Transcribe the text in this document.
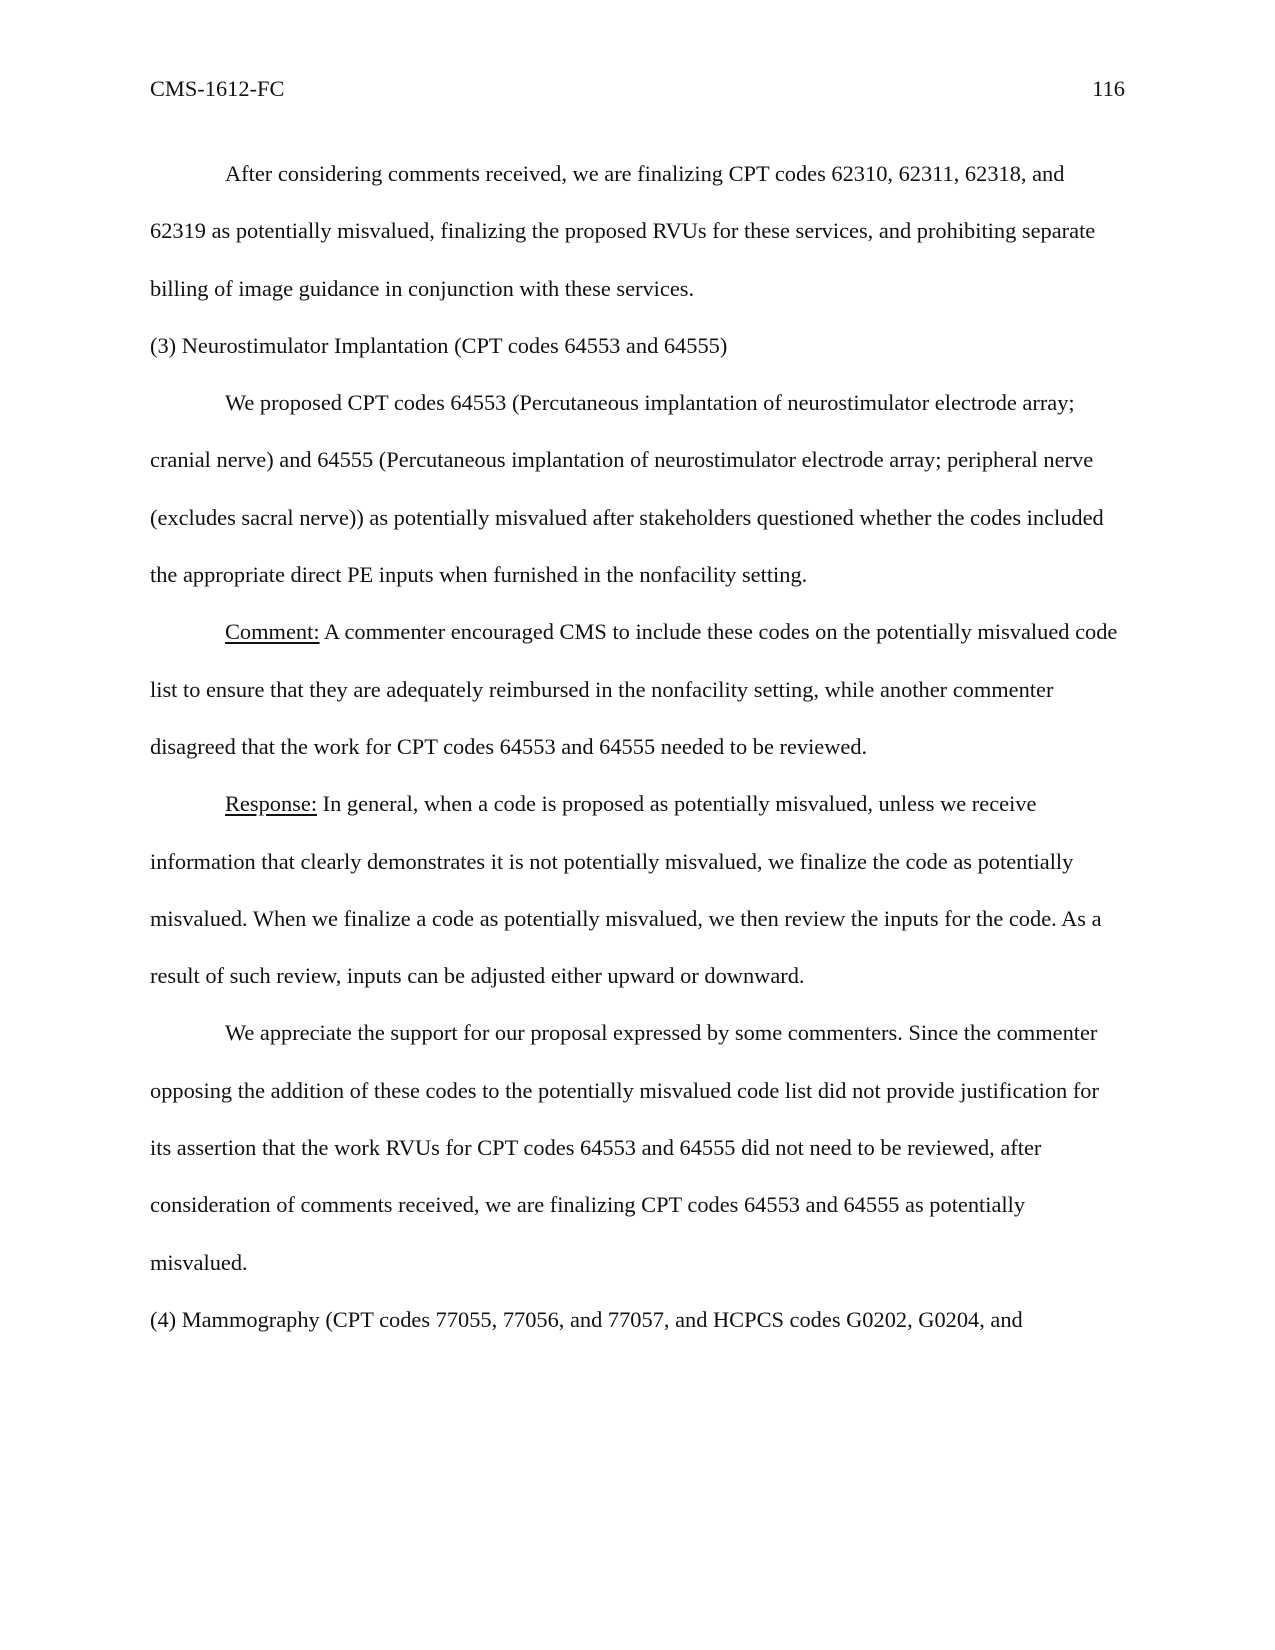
CMS-1612-FC	116

After considering comments received, we are finalizing CPT codes 62310, 62311, 62318, and 62319 as potentially misvalued, finalizing the proposed RVUs for these services, and prohibiting separate billing of image guidance in conjunction with these services.

(3) Neurostimulator Implantation (CPT codes 64553 and 64555)

We proposed CPT codes 64553 (Percutaneous implantation of neurostimulator electrode array; cranial nerve) and 64555 (Percutaneous implantation of neurostimulator electrode array; peripheral nerve (excludes sacral nerve)) as potentially misvalued after stakeholders questioned whether the codes included the appropriate direct PE inputs when furnished in the nonfacility setting.

Comment: A commenter encouraged CMS to include these codes on the potentially misvalued code list to ensure that they are adequately reimbursed in the nonfacility setting, while another commenter disagreed that the work for CPT codes 64553 and 64555 needed to be reviewed.

Response: In general, when a code is proposed as potentially misvalued, unless we receive information that clearly demonstrates it is not potentially misvalued, we finalize the code as potentially misvalued. When we finalize a code as potentially misvalued, we then review the inputs for the code. As a result of such review, inputs can be adjusted either upward or downward.

We appreciate the support for our proposal expressed by some commenters. Since the commenter opposing the addition of these codes to the potentially misvalued code list did not provide justification for its assertion that the work RVUs for CPT codes 64553 and 64555 did not need to be reviewed, after consideration of comments received, we are finalizing CPT codes 64553 and 64555 as potentially misvalued.

(4) Mammography (CPT codes 77055, 77056, and 77057, and HCPCS codes G0202, G0204, and
